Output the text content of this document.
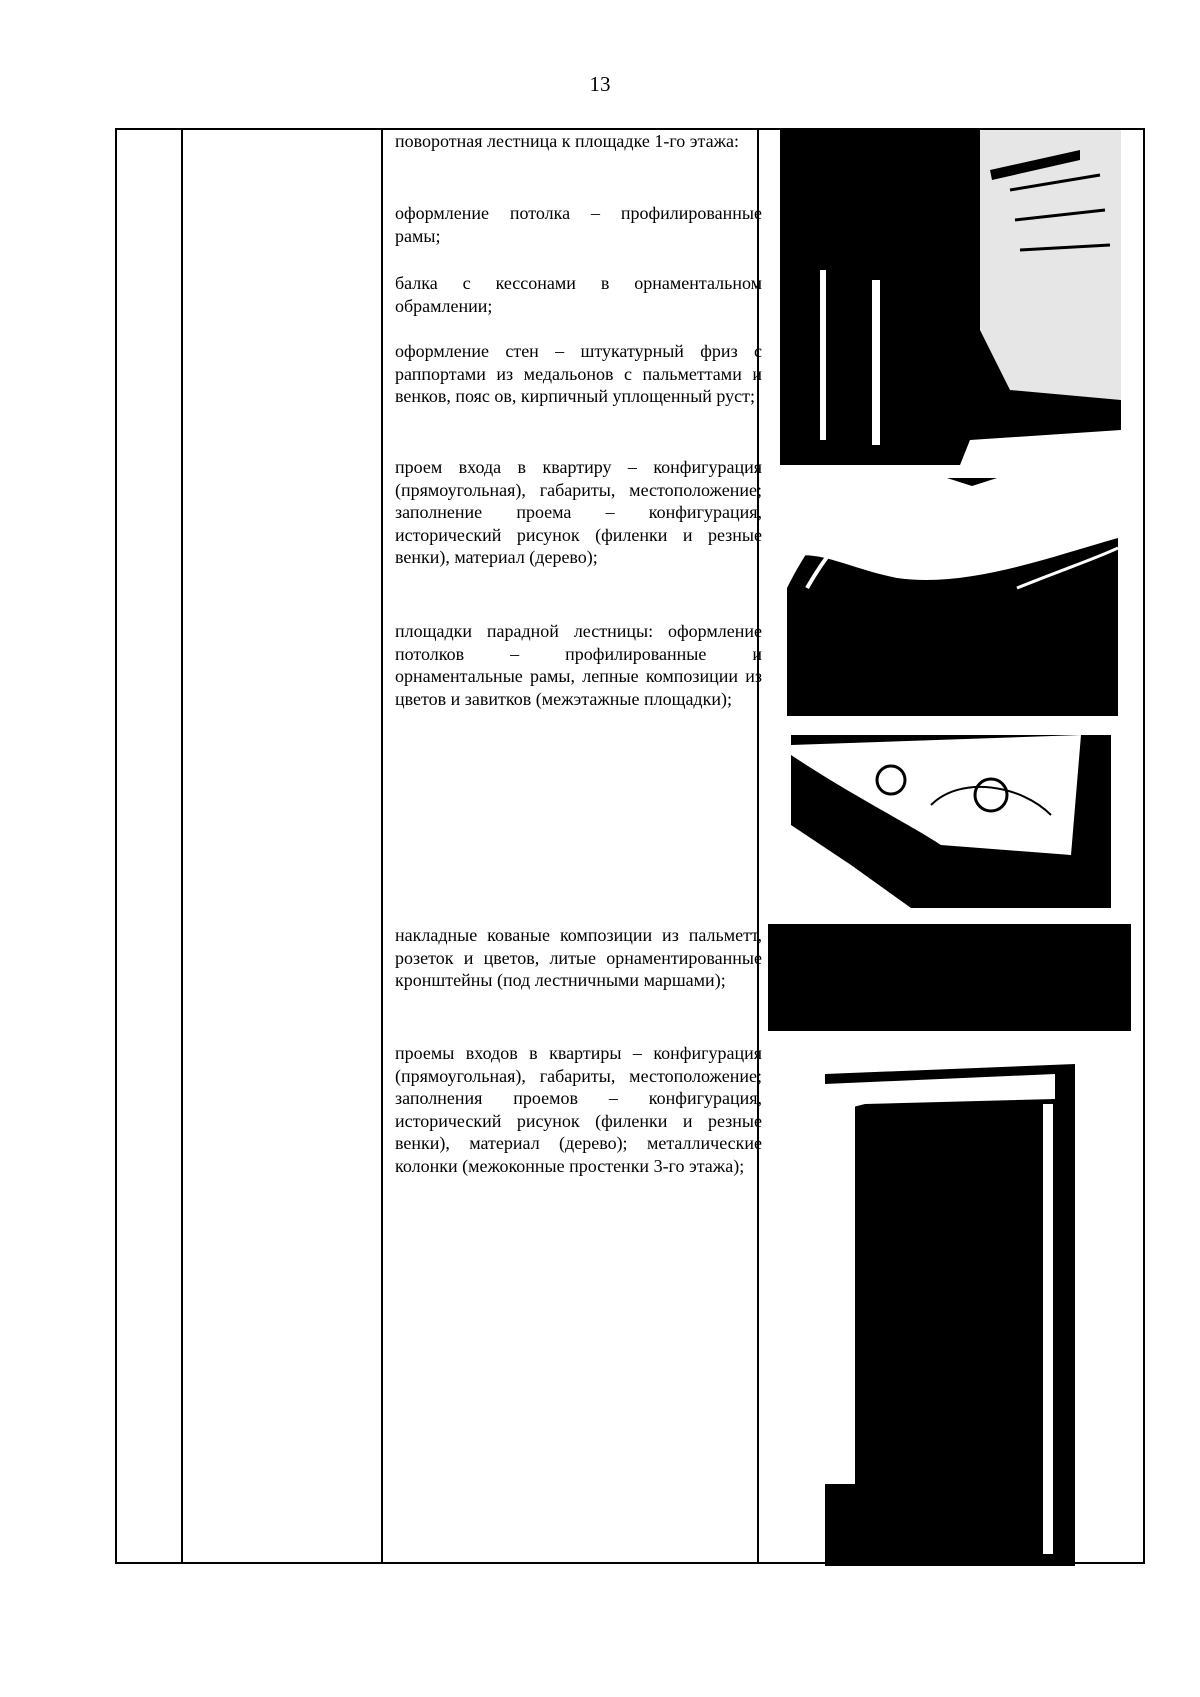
13

поворотная лестница к площадке 1-го этажа:

оформление потолка – профилированные рамы;

балка с кессонами в орнаментальном обрамлении;

оформление стен – штукатурный фриз с раппортами из медальонов с пальметтами и венков, пояс ов, кирпичный уплощенный руст;

проем входа в квартиру – конфигурация (прямоугольная), габариты, местоположение; заполнение проема – конфигурация, исторический рисунок (филенки и резные венки), материал (дерево);

площадки парадной лестницы: оформление потолков – профилированные и орнаментальные рамы, лепные композиции из цветов и завитков (межэтажные площадки);

накладные кованые композиции из пальметт, розеток и цветов, литые орнаментированные кронштейны (под лестничными маршами);

проемы входов в квартиры – конфигурация (прямоугольная), габариты, местоположение; заполнения проемов – конфигурация, исторический рисунок (филенки и резные венки), материал (дерево); металлические колонки (межоконные простенки 3-го этажа);
